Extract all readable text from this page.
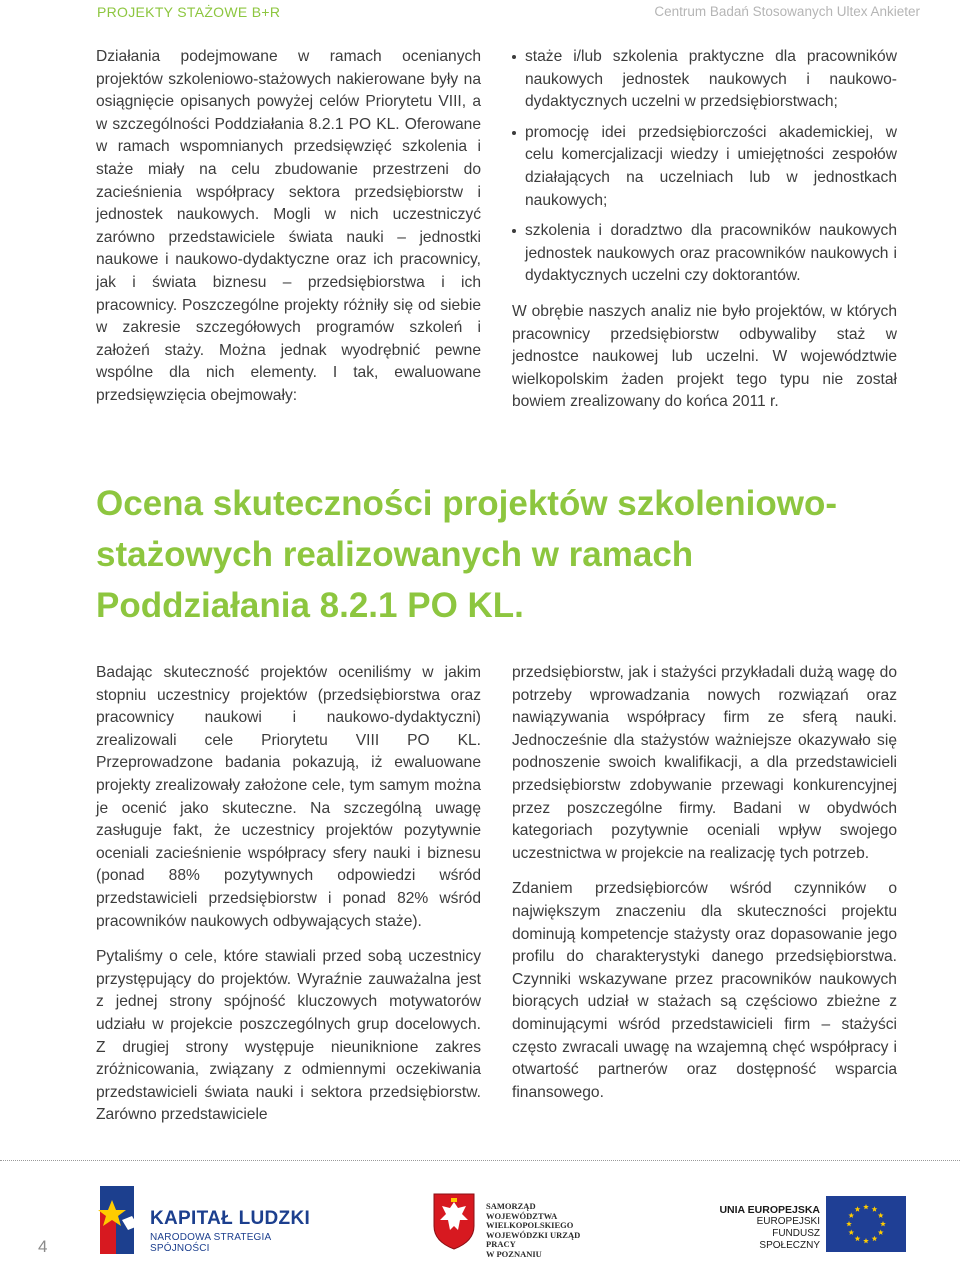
PROJEKTY STAŻOWE B+R	Centrum Badań Stosowanych Ultex Ankieter

Działania podejmowane w ramach ocenianych projektów szkoleniowo-stażowych nakierowane były na osiągnięcie opisanych powyżej celów Priorytetu VIII, a w szczególności Poddziałania 8.2.1 PO KL. Oferowane w ramach wspomnianych przedsięwzięć szkolenia i staże miały na celu zbudowanie przestrzeni do zacieśnienia współpracy sektora przedsiębiorstw i jednostek naukowych. Mogli w nich uczestniczyć zarówno przedstawiciele świata nauki – jednostki naukowe i naukowo-dydaktyczne oraz ich pracownicy, jak i świata biznesu – przedsiębiorstwa i ich pracownicy. Poszczególne projekty różniły się od siebie w zakresie szczegółowych programów szkoleń i założeń staży. Można jednak wyodrębnić pewne wspólne dla nich elementy. I tak, ewaluowane przedsięwzięcia obejmowały:

staże i/lub szkolenia praktyczne dla pracowników naukowych jednostek naukowych i naukowo-dydaktycznych uczelni w przedsiębiorstwach;
promocję idei przedsiębiorczości akademickiej, w celu komercjalizacji wiedzy i umiejętności zespołów działających na uczelniach lub w jednostkach naukowych;
szkolenia i doradztwo dla pracowników naukowych jednostek naukowych oraz pracowników naukowych i dydaktycznych uczelni czy doktorantów.

W obrębie naszych analiz nie było projektów, w których pracownicy przedsiębiorstw odbywaliby staż w jednostce naukowej lub uczelni. W województwie wielkopolskim żaden projekt tego typu nie został bowiem zrealizowany do końca 2011 r.

Ocena skuteczności projektów szkoleniowo-stażowych realizowanych w ramach Poddziałania 8.2.1 PO KL.

Badając skuteczność projektów oceniliśmy w jakim stopniu uczestnicy projektów (przedsiębiorstwa oraz pracownicy naukowi i naukowo-dydaktyczni) zrealizowali cele Priorytetu VIII PO KL. Przeprowadzone badania pokazują, iż ewaluowane projekty zrealizowały założone cele, tym samym można je ocenić jako skuteczne. Na szczególną uwagę zasługuje fakt, że uczestnicy projektów pozytywnie oceniali zacieśnienie współpracy sfery nauki i biznesu (ponad 88% pozytywnych odpowiedzi wśród przedstawicieli przedsiębiorstw i ponad 82% wśród pracowników naukowych odbywających staże).

Pytaliśmy o cele, które stawiali przed sobą uczestnicy przystępujący do projektów. Wyraźnie zauważalna jest z jednej strony spójność kluczowych motywatorów udziału w projekcie poszczególnych grup docelowych. Z drugiej strony występuje nieuniknione zakres zróżnicowania, związany z odmiennymi oczekiwania przedstawicieli świata nauki i sektora przedsiębiorstw. Zarówno przedstawiciele

przedsiębiorstw, jak i stażyści przykładali dużą wagę do potrzeby wprowadzania nowych rozwiązań oraz nawiązywania współpracy firm ze sferą nauki. Jednocześnie dla stażystów ważniejsze okazywało się podnoszenie swoich kwalifikacji, a dla przedstawicieli przedsiębiorstw zdobywanie przewagi konkurencyjnej przez poszczególne firmy. Badani w obydwóch kategoriach pozytywnie oceniali wpływ swojego uczestnictwa w projekcie na realizację tych potrzeb.

Zdaniem przedsiębiorców wśród czynników o największym znaczeniu dla skuteczności projektu dominują kompetencje stażysty oraz dopasowanie jego profilu do charakterystyki danego przedsiębiorstwa. Czynniki wskazywane przez pracowników naukowych biorących udział w stażach są częściowo zbieżne z dominującymi wśród przedstawicieli firm – stażyści często zwracali uwagę na wzajemną chęć współpracy i otwartość partnerów oraz dostępność wsparcia finansowego.

4
KAPITAŁ LUDZKI
NARODOWA STRATEGIA SPÓJNOŚCI
SAMORZĄD WOJEWÓDZTWA
WIELKOPOLSKIEGO
WOJEWÓDZKI URZĄD PRACY
W POZNANIU
UNIA EUROPEJSKA
EUROPEJSKI
FUNDUSZ SPOŁECZNY
